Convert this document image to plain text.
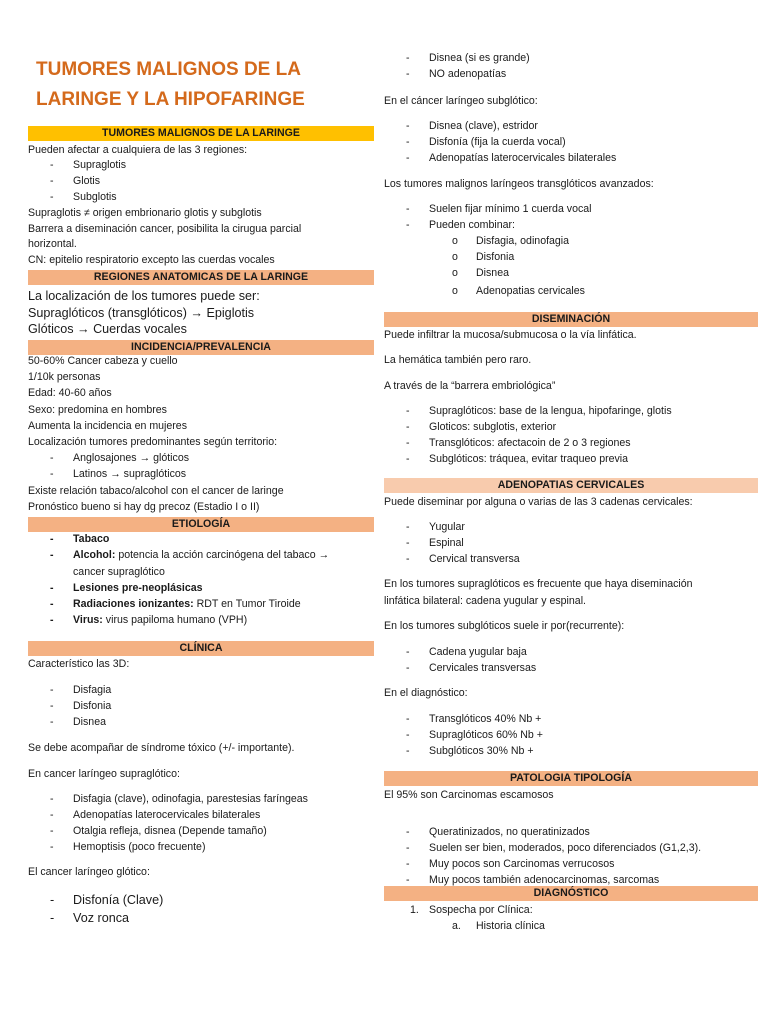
TUMORES MALIGNOS DE LA LARINGE Y LA HIPOFARINGE
TUMORES MALIGNOS DE LA LARINGE
Pueden afectar a cualquiera de las 3 regiones:
- Supraglotis
- Glotis
- Subglotis
Supraglotis ≠ origen embrionario glotis y subglotis
Barrera a diseminación cancer, posibilita la cirugua parcial
horizontal.
CN: epitelio respiratorio excepto las cuerdas vocales
REGIONES ANATOMICAS DE LA LARINGE
La localización de los tumores puede ser:
Supraglóticos (transglóticos) → Epiglotis
Glóticos → Cuerdas vocales
INCIDENCIA/PREVALENCIA
50-60% Cancer cabeza y cuello
1/10k personas
Edad: 40-60 años
Sexo: predomina en hombres
Aumenta la incidencia en mujeres
Localización tumores predominantes según territorio:
- Anglosajones → glóticos
- Latinos → supraglóticos
Existe relación tabaco/alcohol con el cancer de laringe
Pronóstico bueno si hay dg precoz (Estadio I o II)
ETIOLOGÍA
- Tabaco
- Alcohol: potencia la acción carcinógena del tabaco →
cancer supraglótico
- Lesiones pre-neoplásicas
- Radiaciones ionizantes: RDT en Tumor Tiroide
- Virus: virus papiloma humano (VPH)
CLÍNICA
Característico las 3D:
- Disfagia
- Disfonia
- Disnea
Se debe acompañar de síndrome tóxico (+/- importante).
En cancer laríngeo supraglótico:
- Disfagia (clave), odinofagia, parestesias faríngeas
- Adenopatías laterocervicales bilaterales
- Otalgia refleja, disnea (Depende tamaño)
- Hemoptisis (poco frecuente)
El cancer laríngeo glótico:
- Disfonía (Clave)
- Voz ronca
- Disnea (si es grande)
- NO adenopatías
En el cáncer laríngeo subglótico:
- Disnea (clave), estridor
- Disfonía (fija la cuerda vocal)
- Adenopatías laterocervicales bilaterales
Los tumores malignos laríngeos transglóticos avanzados:
- Suelen fijar mínimo 1 cuerda vocal
- Pueden combinar:
o Disfagia, odinofagia
o Disfonia
o Disnea
o Adenopatias cervicales
DISEMINACIÓN
Puede infiltrar la mucosa/submucosa o la vía linfática.
La hemática también pero raro.
A través de la “barrera embriológica”
- Supraglóticos: base de la lengua, hipofaringe, glotis
- Gloticos: subglotis, exterior
- Transglóticos: afectacoin de 2 o 3 regiones
- Subglóticos: tráquea, evitar traqueo previa
ADENOPATIAS CERVICALES
Puede diseminar por alguna o varias de las 3 cadenas cervicales:
- Yugular
- Espinal
- Cervical transversa
En los tumores supraglóticos es frecuente que haya diseminación
linfática bilateral: cadena yugular y espinal.
En los tumores subglóticos suele ir por(recurrente):
- Cadena yugular baja
- Cervicales transversas
En el diagnóstico:
- Transglóticos 40% Nb +
- Supraglóticos 60% Nb +
- Subglóticos 30% Nb +
PATOLOGIA TIPOLOGÍA
El 95% son Carcinomas escamosos
- Queratinizados, no queratinizados
- Suelen ser bien, moderados, poco diferenciados (G1,2,3).
- Muy pocos son Carcinomas verrucosos
- Muy pocos también adenocarcinomas, sarcomas
DIAGNÓSTICO
1. Sospecha por Clínica:
a. Historia clínica
